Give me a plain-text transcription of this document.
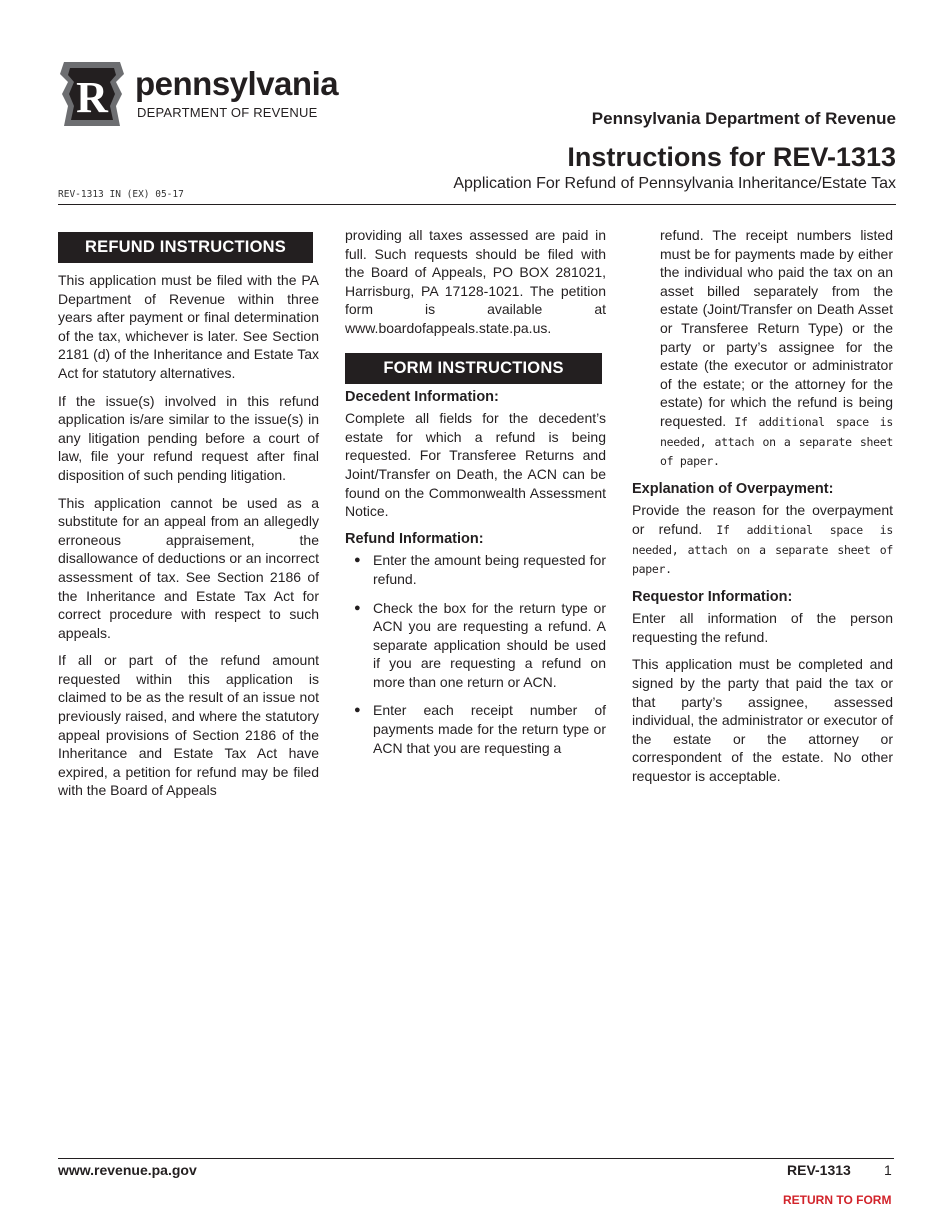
R pennsylvania
DEPARTMENT OF REVENUE	Pennsylvania Department of Revenue
Instructions for REV-1313
Application For Refund of Pennsylvania Inheritance/Estate Tax
REV-1313 IN (EX) 05-17
REFUND INSTRUCTIONS

This application must be filed with the PA Department of Revenue within three years after payment or final determination of the tax, whichever is later. See Section 2181 (d) of the Inheritance and Estate Tax Act for statutory alternatives.

If the issue(s) involved in this refund application is/are similar to the issue(s) in any litigation pending before a court of law, file your refund request after final disposition of such pending litigation.

This application cannot be used as a substitute for an appeal from an allegedly erroneous appraisement, the disallowance of deductions or an incorrect assessment of tax. See Section 2186 of the Inheritance and Estate Tax Act for correct procedure with respect to such appeals.

If all or part of the refund amount requested within this application is claimed to be as the result of an issue not previously raised, and where the statutory appeal provisions of Section 2186 of the Inheritance and Estate Tax Act have expired, a petition for refund may be filed with the Board of Appeals

providing all taxes assessed are paid in full. Such requests should be filed with the Board of Appeals, PO BOX 281021, Harrisburg, PA 17128-1021. The petition form is available at www.boardofappeals.state.pa.us.

FORM INSTRUCTIONS
Decedent Information:

Complete all fields for the decedent’s estate for which a refund is being requested. For Transferee Returns and Joint/Transfer on Death, the ACN can be found on the Commonwealth Assessment Notice.

Refund Information:
● Enter the amount being requested for refund.
● Check the box for the return type or ACN you are requesting a refund. A separate application should be used if you are requesting a refund on more than one return or ACN.
● Enter each receipt number of payments made for the return type or ACN that you are requesting a

refund. The receipt numbers listed must be for payments made by either the individual who paid the tax on an asset billed separately from the estate (Joint/Transfer on Death Asset or Transferee Return Type) or the party or party’s assignee for the estate (the executor or administrator of the estate; or the attorney for the estate) for which the refund is being requested. If additional space is needed, attach on a separate sheet of paper.

Explanation of Overpayment:

Provide the reason for the overpayment or refund. If additional space is needed, attach on a separate sheet of paper.

Requestor Information:

Enter all information of the person requesting the refund.

This application must be completed and signed by the party that paid the tax or that party’s assignee, assessed individual, the administrator or executor of the estate or the attorney or correspondent of the estate. No other requestor is acceptable.

www.revenue.pa.gov	REV-1313 1
RETURN TO FORM
